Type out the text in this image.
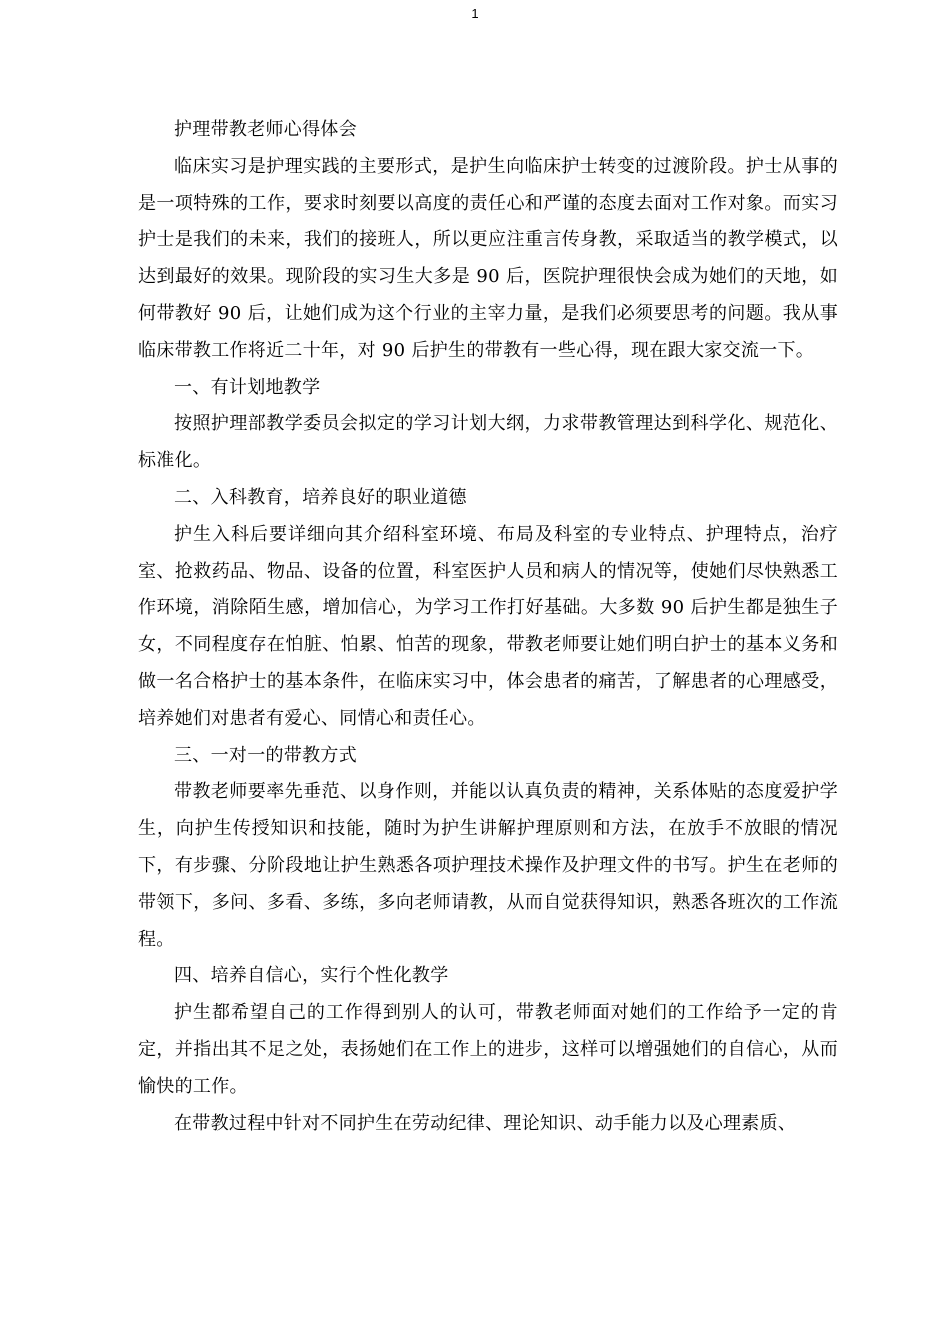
1

护理带教老师心得体会

临床实习是护理实践的主要形式，是护生向临床护士转变的过渡阶段。护士从事的是一项特殊的工作，要求时刻要以高度的责任心和严谨的态度去面对工作对象。而实习护士是我们的未来，我们的接班人，所以更应注重言传身教，采取适当的教学模式，以达到最好的效果。现阶段的实习生大多是 90 后，医院护理很快会成为她们的天地，如何带教好 90 后，让她们成为这个行业的主宰力量，是我们必须要思考的问题。我从事临床带教工作将近二十年，对 90 后护生的带教有一些心得，现在跟大家交流一下。

一、有计划地教学

按照护理部教学委员会拟定的学习计划大纲，力求带教管理达到科学化、规范化、标准化。

二、入科教育，培养良好的职业道德

护生入科后要详细向其介绍科室环境、布局及科室的专业特点、护理特点，治疗室、抢救药品、物品、设备的位置，科室医护人员和病人的情况等，使她们尽快熟悉工作环境，消除陌生感，增加信心，为学习工作打好基础。大多数 90 后护生都是独生子女，不同程度存在怕脏、怕累、怕苦的现象，带教老师要让她们明白护士的基本义务和做一名合格护士的基本条件，在临床实习中，体会患者的痛苦，了解患者的心理感受，培养她们对患者有爱心、同情心和责任心。

三、一对一的带教方式

带教老师要率先垂范、以身作则，并能以认真负责的精神，关系体贴的态度爱护学生，向护生传授知识和技能，随时为护生讲解护理原则和方法，在放手不放眼的情况下，有步骤、分阶段地让护生熟悉各项护理技术操作及护理文件的书写。护生在老师的带领下，多问、多看、多练，多向老师请教，从而自觉获得知识，熟悉各班次的工作流程。

四、培养自信心，实行个性化教学

护生都希望自己的工作得到别人的认可，带教老师面对她们的工作给予一定的肯定，并指出其不足之处，表扬她们在工作上的进步，这样可以增强她们的自信心，从而愉快的工作。

在带教过程中针对不同护生在劳动纪律、理论知识、动手能力以及心理素质、
